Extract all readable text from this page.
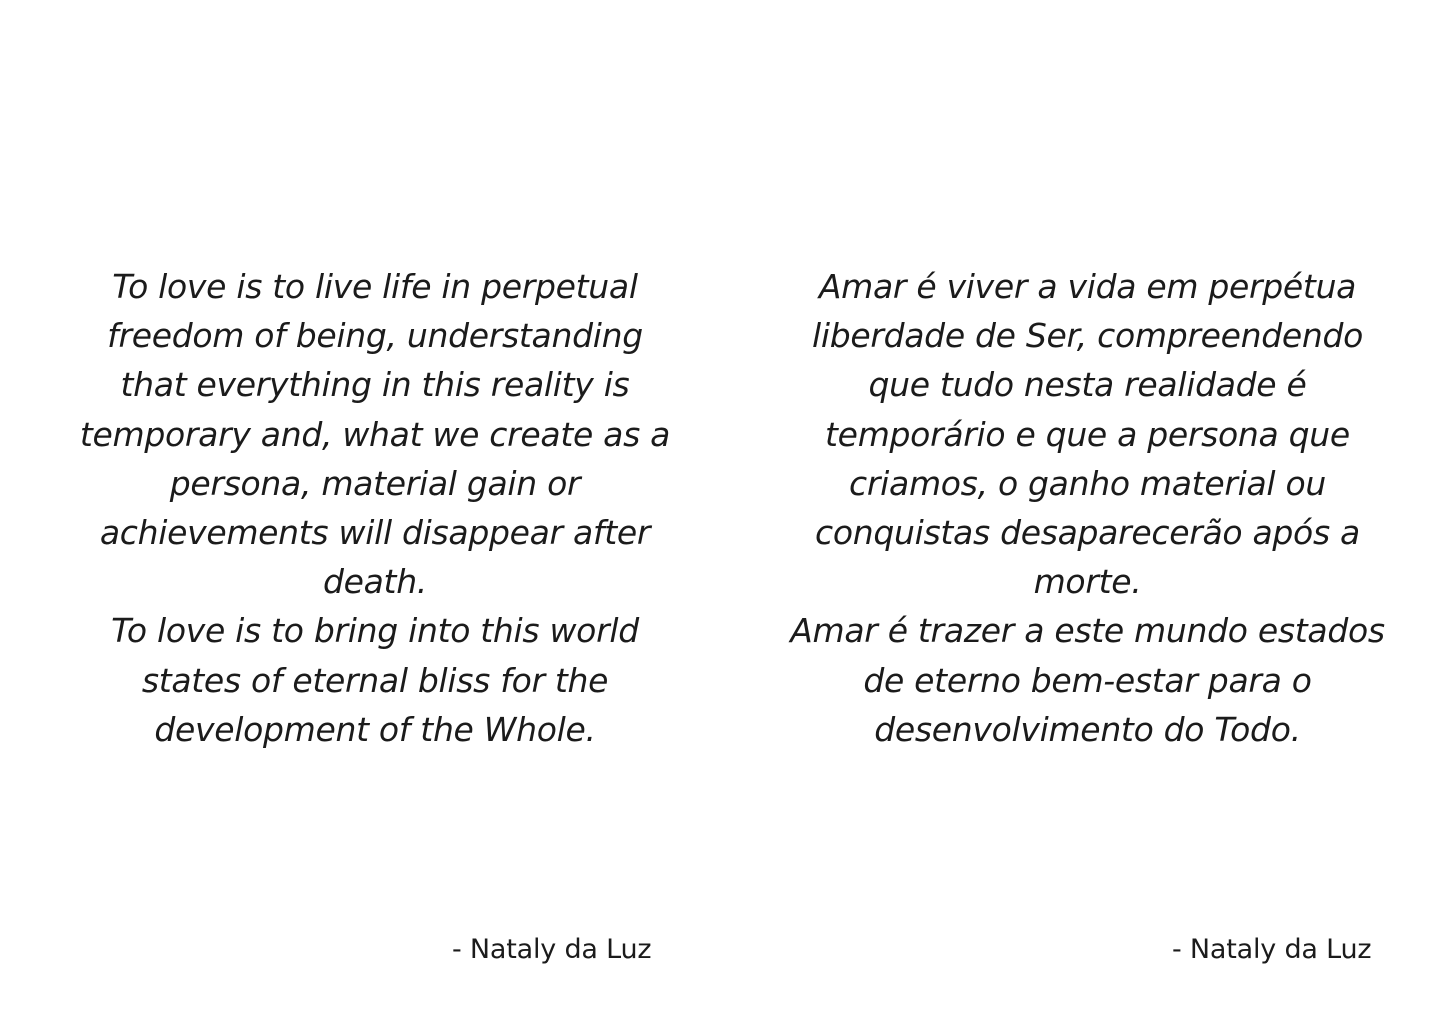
To love is to live life in perpetual
freedom of being, understanding
that everything in this reality is
temporary and, what we create as a
persona, material gain or
achievements will disappear after
death.
To love is to bring into this world
states of eternal bliss for the
development of the Whole.
- Nataly da Luz
Amar é viver a vida em perpétua
liberdade de Ser, compreendendo
que tudo nesta realidade é
temporário e que a persona que
criamos, o ganho material ou
conquistas desaparecerão após a
morte.
Amar é trazer a este mundo estados
de eterno bem-estar para o
desenvolvimento do Todo.
- Nataly da Luz
